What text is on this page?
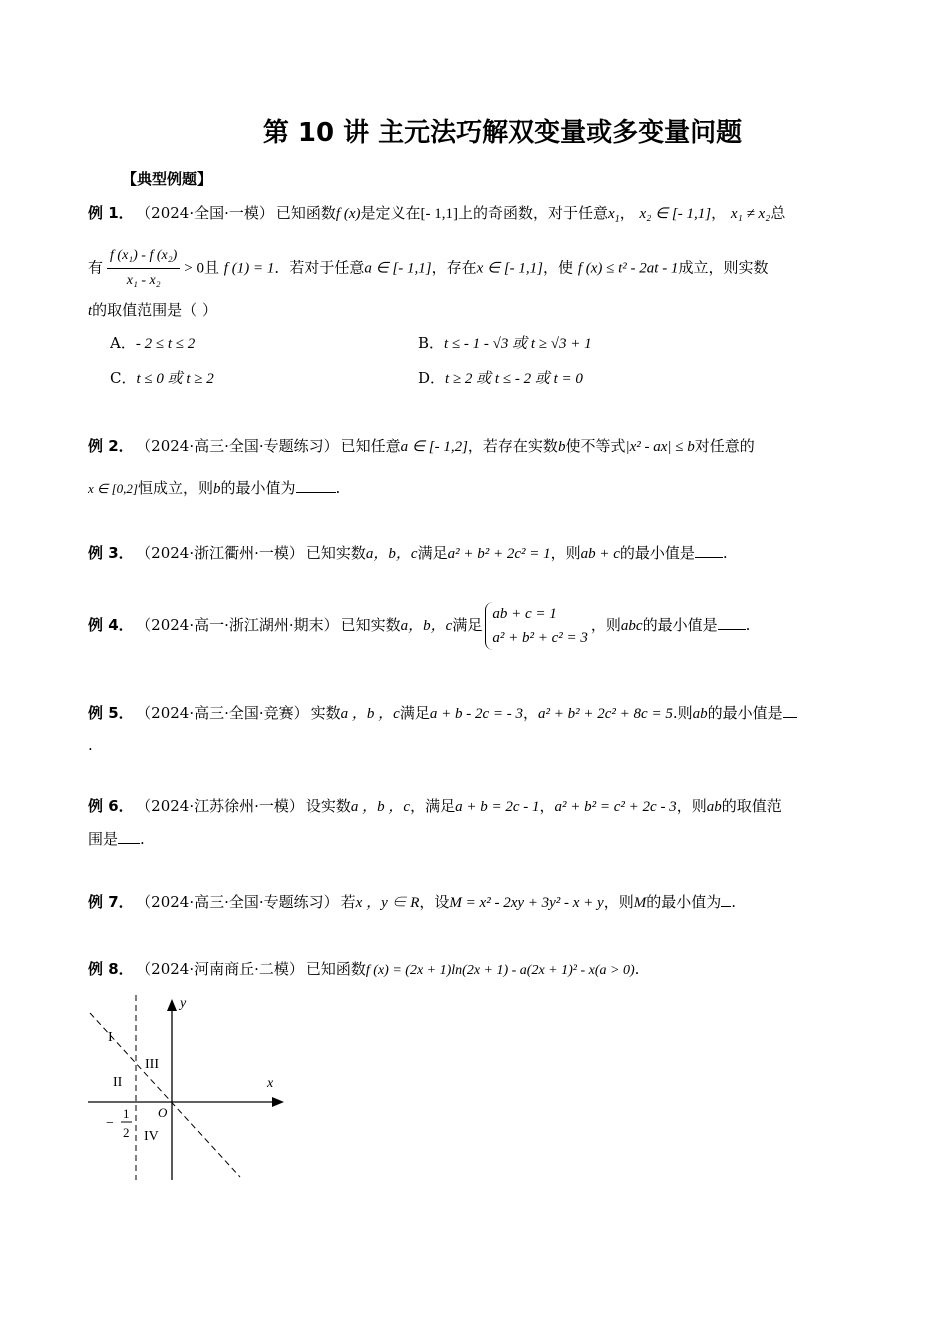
第 10 讲 主元法巧解双变量或多变量问题
【典型例题】
例 1． （2024·全国·一模） 已知函数f (x)是定义在[- 1,1]上的奇函数，对于任意$x_1$， x₂ ∈ [- 1,1]， x₁ ≠ x₂总
有 $\frac{\text{f (x₁) - f (x₂)}}{\text{x₁ - x₂}} > 0$且 f (1) = 1．若对于任意a ∈ [- 1,1]，存在x ∈ [- 1,1]，使 f (x) ≤ t² - 2at - 1成立，则实数
t的取值范围是（ ）
A．- 2 ≤ t ≤ 2	B．t ≤ - 1 - √3 或 t ≥ √3 + 1
C．t ≤ 0 或 t ≥ 2	D．t ≥ 2 或 t ≤ - 2 或 t = 0
例 2． （2024·高三·全国·专题练习） 已知任意a ∈ [- 1,2]，若存在实数b使不等式|x² - ax| ≤ b对任意的
x ∈ [0,2]恒成立，则b的最小值为	.
例 3． （2024·浙江衢州·一模） 已知实数a，b，c满足a² + b² + 2c² = 1，则ab + c的最小值是 .
例 4． （2024·高一·浙江湖州·期末） 已知实数a，b，c满足
ab + c = 1
a² + b² + c² = 3
，则abc的最小值是 .
例 5． （2024·高三·全国·竞赛） 实数a ，b ，c满足a + b - 2c = - 3，a² + b² + 2c² + 8c = 5.则ab的最小值是
.
例 6． （2024·江苏徐州·一模） 设实数a ，b ，c，满足a + b = 2c - 1，a² + b² = c² + 2c - 3，则ab的取值范
围是 .
例 7． （2024·高三·全国·专题练习） 若x ，y ∈ R，设M = x² - 2xy + 3y² - x + y，则M的最小值为 .
例 8． （2024·河南商丘·二模） 已知函数f (x) = (2x + 1)ln(2x + 1) - a(2x + 1)² - x(a > 0).
y
x
O
I
II
III
IV
−
1
2
